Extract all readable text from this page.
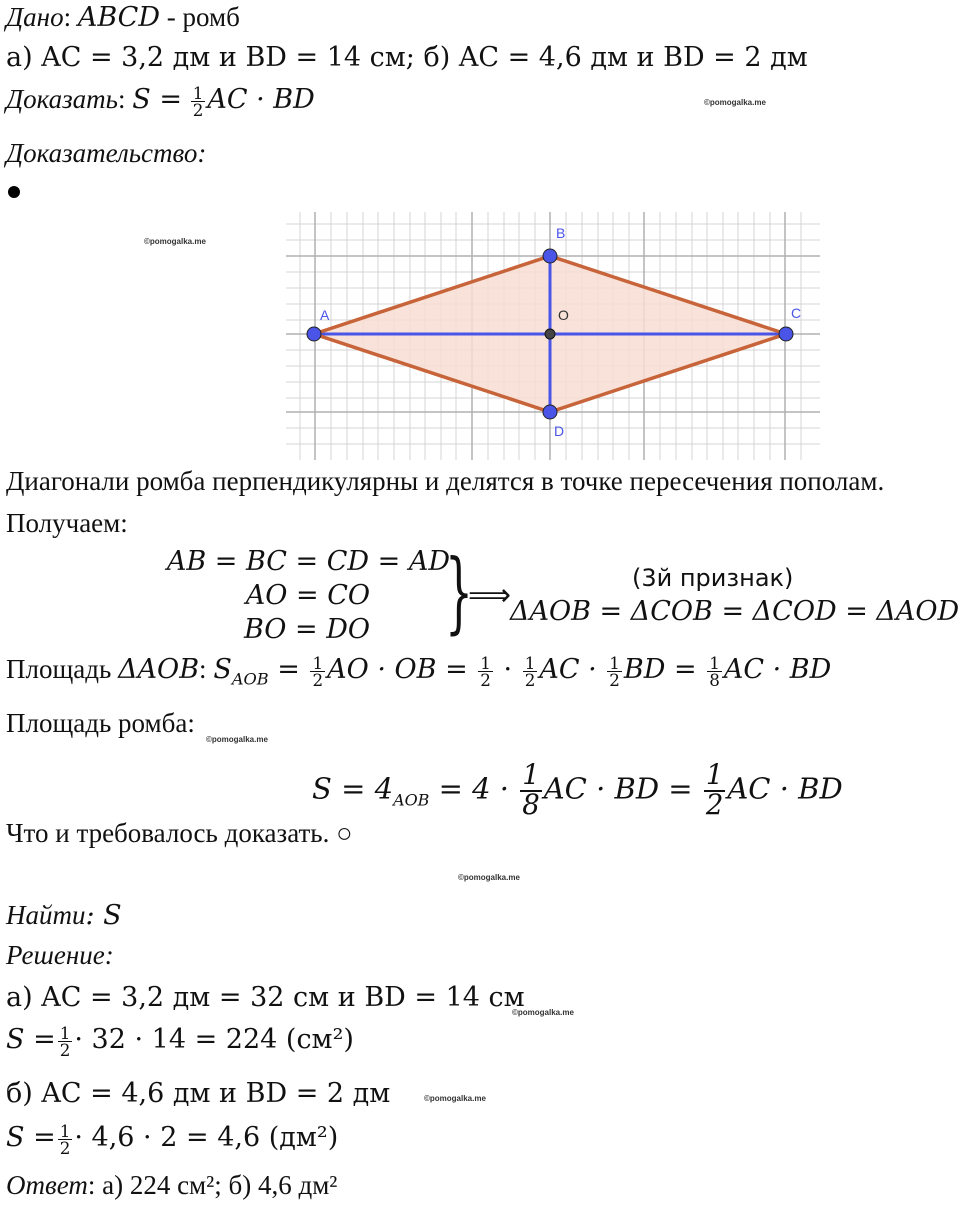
Дано: ABCD - ромб
а) AC = 3,2 дм и BD = 14 см; б) AC = 4,6 дм и BD = 2 дм
Доказать: $S = \frac{1}{2}$ AC · BD	©pomogalka.me
Доказательство:
©pomogalka.me
A
B
C
D
O
Диагонали ромба перпендикулярны и делятся в точке пересечения пополам.
Получаем:
AB = BC = CD = AD
AO = CO
BO = DO }
⟹	(3й признак)
ΔAOB = ΔCOB = ΔCOD = ΔAOD
Площадь ΔAOB: $S_{AOB} = \frac{1}{2}$ AO · OB = $\frac{1}{2} \cdot \frac{1}{2}$ AC · $\frac{1}{2}$ BD = $\frac{1}{8}$ AC · BD
Площадь ромба:
©pomogalka.me
$S = 4_{AOB} = 4 \cdot \frac{1}{8}$ AC · BD = $\frac{1}{2}$ AC · BD
Что и требовалось доказать. ○
©pomogalka.me
Найти: S
Решение:
а) AC = 3,2 дм = 32 см и BD = 14 см
©pomogalka.me
$S = \frac{1}{2} \cdot 32 \cdot 14 = 224$ (см²)
б) AC = 4,6 дм и BD = 2 дм	©pomogalka.me
$S = \frac{1}{2} \cdot 4,6 \cdot 2 = 4,6$ (дм²)
Ответ: а) 224 см²; б) 4,6 дм²
